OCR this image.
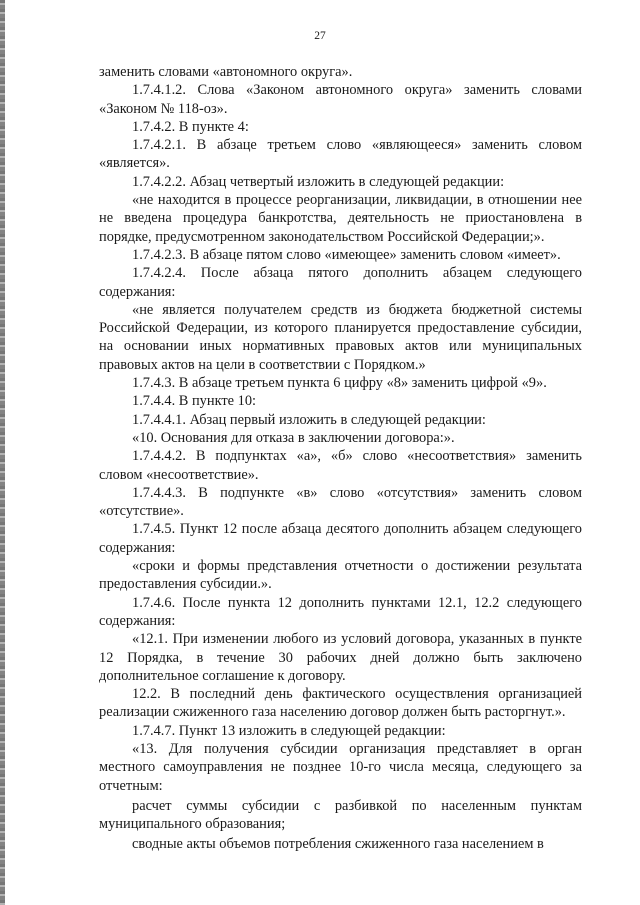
27

заменить словами «автономного округа».

1.7.4.1.2. Слова «Законом автономного округа» заменить словами «Законом № 118-оз».

1.7.4.2. В пункте 4:

1.7.4.2.1. В абзаце третьем слово «являющееся» заменить словом «является».

1.7.4.2.2. Абзац четвертый изложить в следующей редакции:

«не находится в процессе реорганизации, ликвидации, в отношении нее не введена процедура банкротства, деятельность не приостановлена в порядке, предусмотренном законодательством Российской Федерации;».

1.7.4.2.3. В абзаце пятом слово «имеющее» заменить словом «имеет».

1.7.4.2.4. После абзаца пятого дополнить абзацем следующего содержания:

«не является получателем средств из бюджета бюджетной системы Российской Федерации, из которого планируется предоставление субсидии, на основании иных нормативных правовых актов или муниципальных правовых актов на цели в соответствии с Порядком.»

1.7.4.3. В абзаце третьем пункта 6 цифру «8» заменить цифрой «9».

1.7.4.4. В пункте 10:

1.7.4.4.1. Абзац первый изложить в следующей редакции:

«10. Основания для отказа в заключении договора:».

1.7.4.4.2. В подпунктах «а», «б» слово «несоответствия» заменить словом «несоответствие».

1.7.4.4.3. В подпункте «в» слово «отсутствия» заменить словом «отсутствие».

1.7.4.5. Пункт 12 после абзаца десятого дополнить абзацем следующего содержания:

«сроки и формы представления отчетности о достижении результата предоставления субсидии.».

1.7.4.6. После пункта 12 дополнить пунктами 12.1, 12.2 следующего содержания:

«12.1. При изменении любого из условий договора, указанных в пункте 12 Порядка, в течение 30 рабочих дней должно быть заключено дополнительное соглашение к договору.

12.2. В последний день фактического осуществления организацией реализации сжиженного газа населению договор должен быть расторгнут.».

1.7.4.7. Пункт 13 изложить в следующей редакции:

«13. Для получения субсидии организация представляет в орган местного самоуправления не позднее 10-го числа месяца, следующего за отчетным:

расчет суммы субсидии с разбивкой по населенным пунктам муниципального образования;

сводные акты объемов потребления сжиженного газа населением в
